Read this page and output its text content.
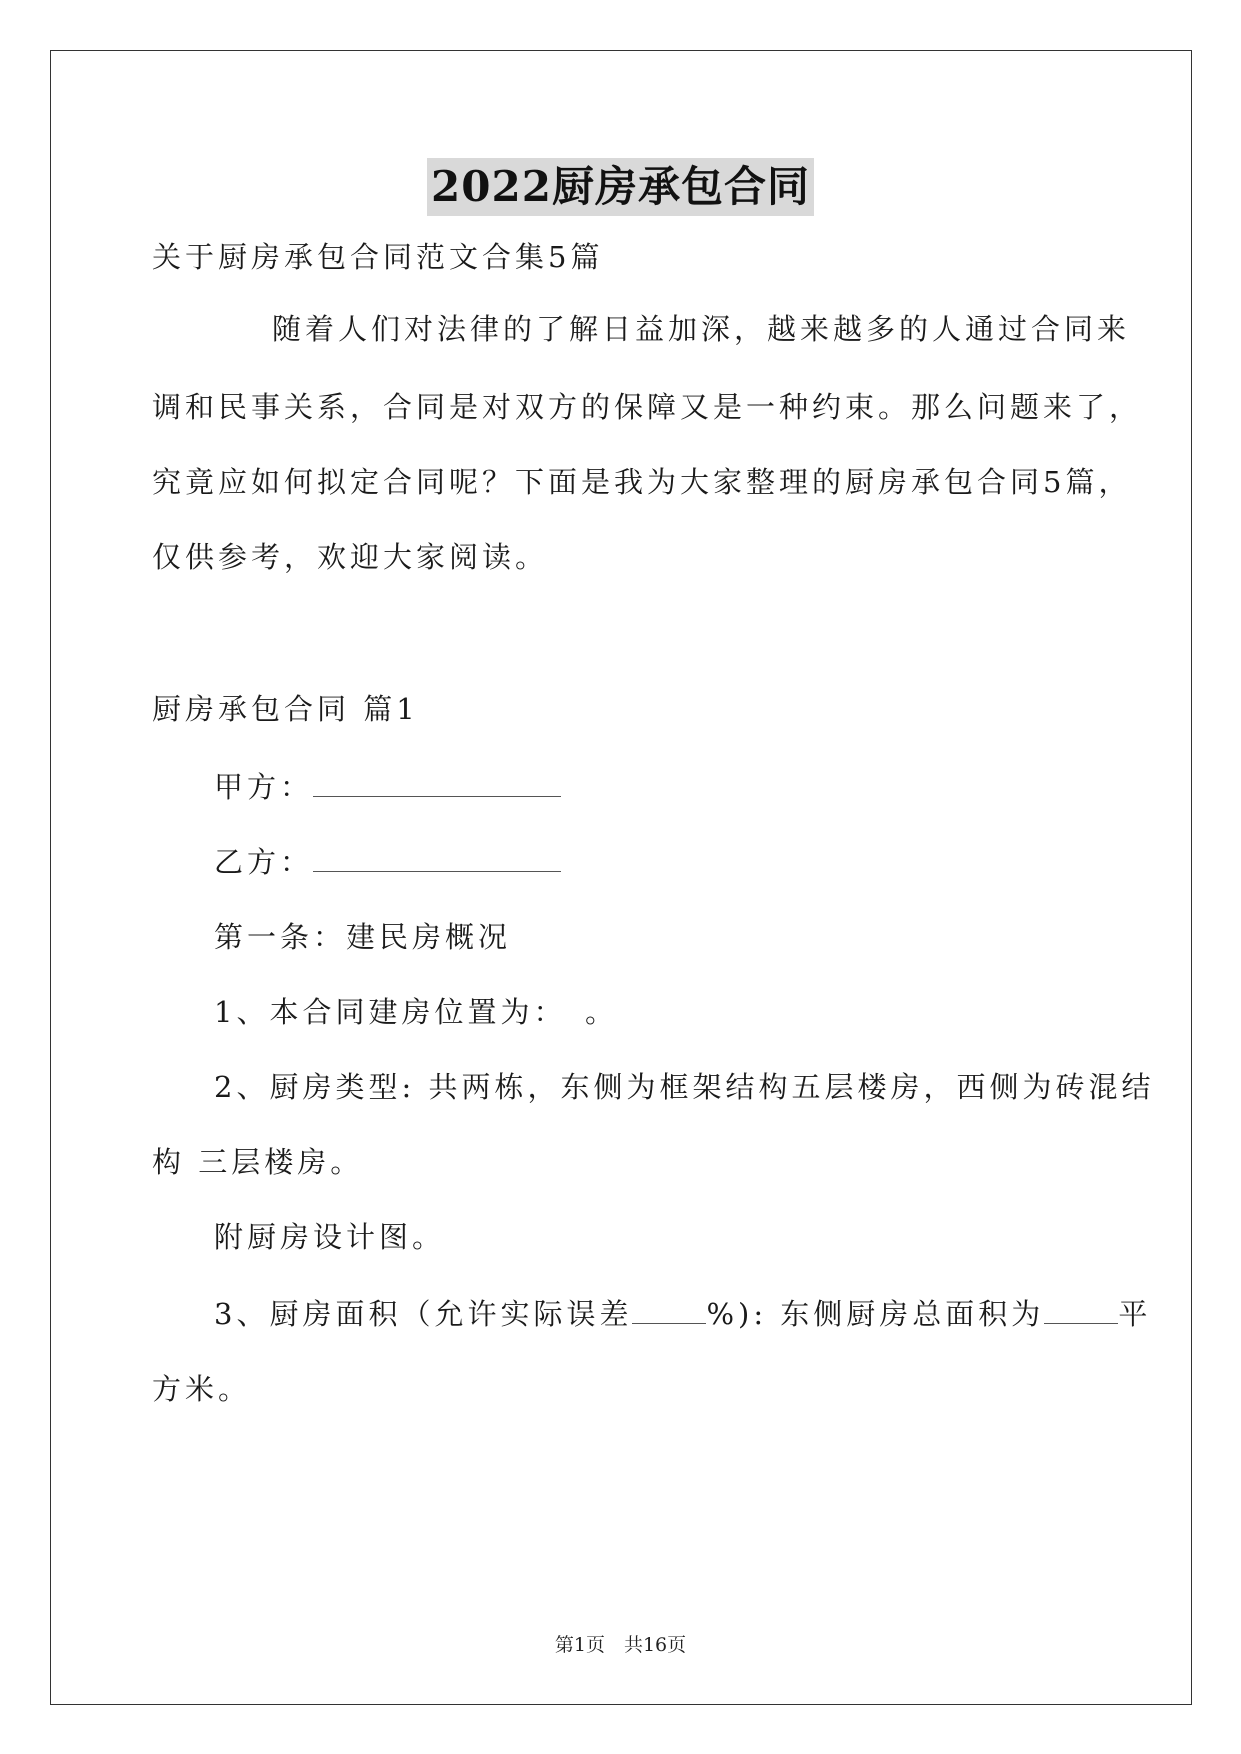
2022厨房承包合同
关于厨房承包合同范文合集5篇
随着人们对法律的了解日益加深，越来越多的人通过合同来
调和民事关系，合同是对双方的保障又是一种约束。那么问题来了，
究竟应如何拟定合同呢？下面是我为大家整理的厨房承包合同5篇，
仅供参考，欢迎大家阅读。
厨房承包合同 篇1
甲方：
乙方：
第一条：建民房概况
1、本合同建房位置为：　。
2、厨房类型: 共两栋，东侧为框架结构五层楼房，西侧为砖混结
构 三层楼房。
附厨房设计图。
3、厨房面积（允许实际误差	%): 东侧厨房总面积为	平
方米。
第1页　共16页
